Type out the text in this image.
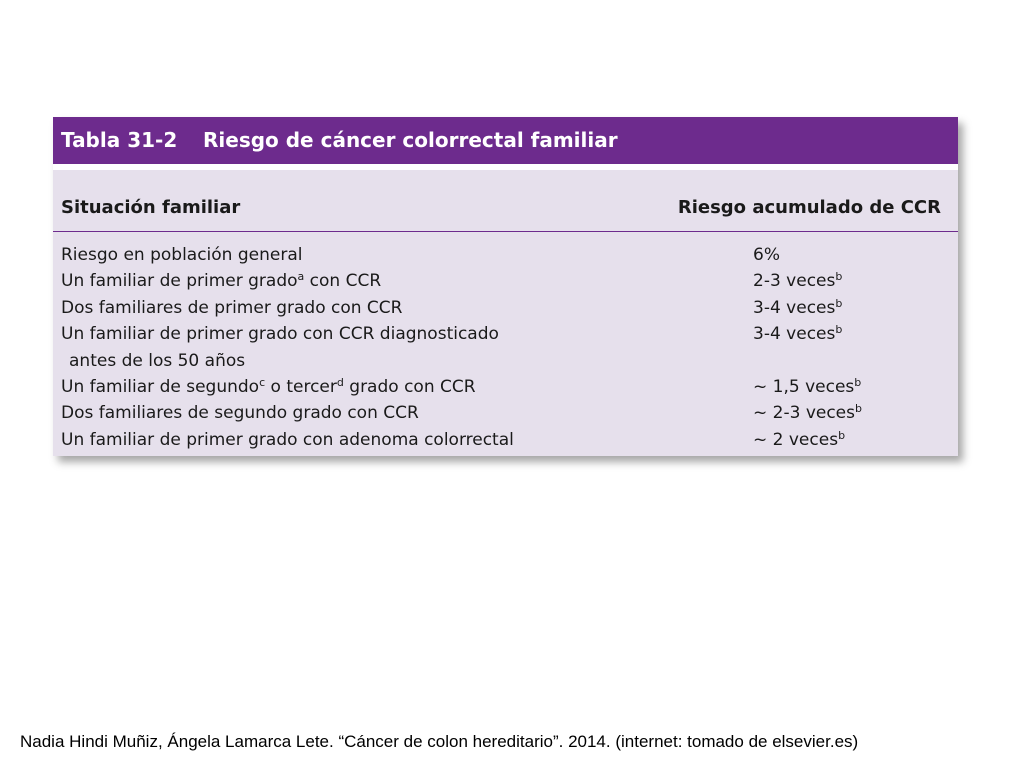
Tabla 31-2 Riesgo de cáncer colorrectal familiar
Situación familiar	Riesgo acumulado de CCR
Riesgo en población general	6%
Un familiar de primer grado$^a$ con CCR	2-3 veces$^b$
Dos familiares de primer grado con CCR	3-4 veces$^b$
Un familiar de primer grado con CCR diagnosticado	3-4 veces$^b$
antes de los 50 años
Un familiar de segundo$^c$ o tercer$^d$ grado con CCR	~ 1,5 veces$^b$
Dos familiares de segundo grado con CCR	~ 2-3 veces$^b$
Un familiar de primer grado con adenoma colorrectal	~ 2 veces$^b$
Nadia Hindi Muñiz, Ángela Lamarca Lete. “Cáncer de colon hereditario”. 2014. (internet: tomado de elsevier.es)
